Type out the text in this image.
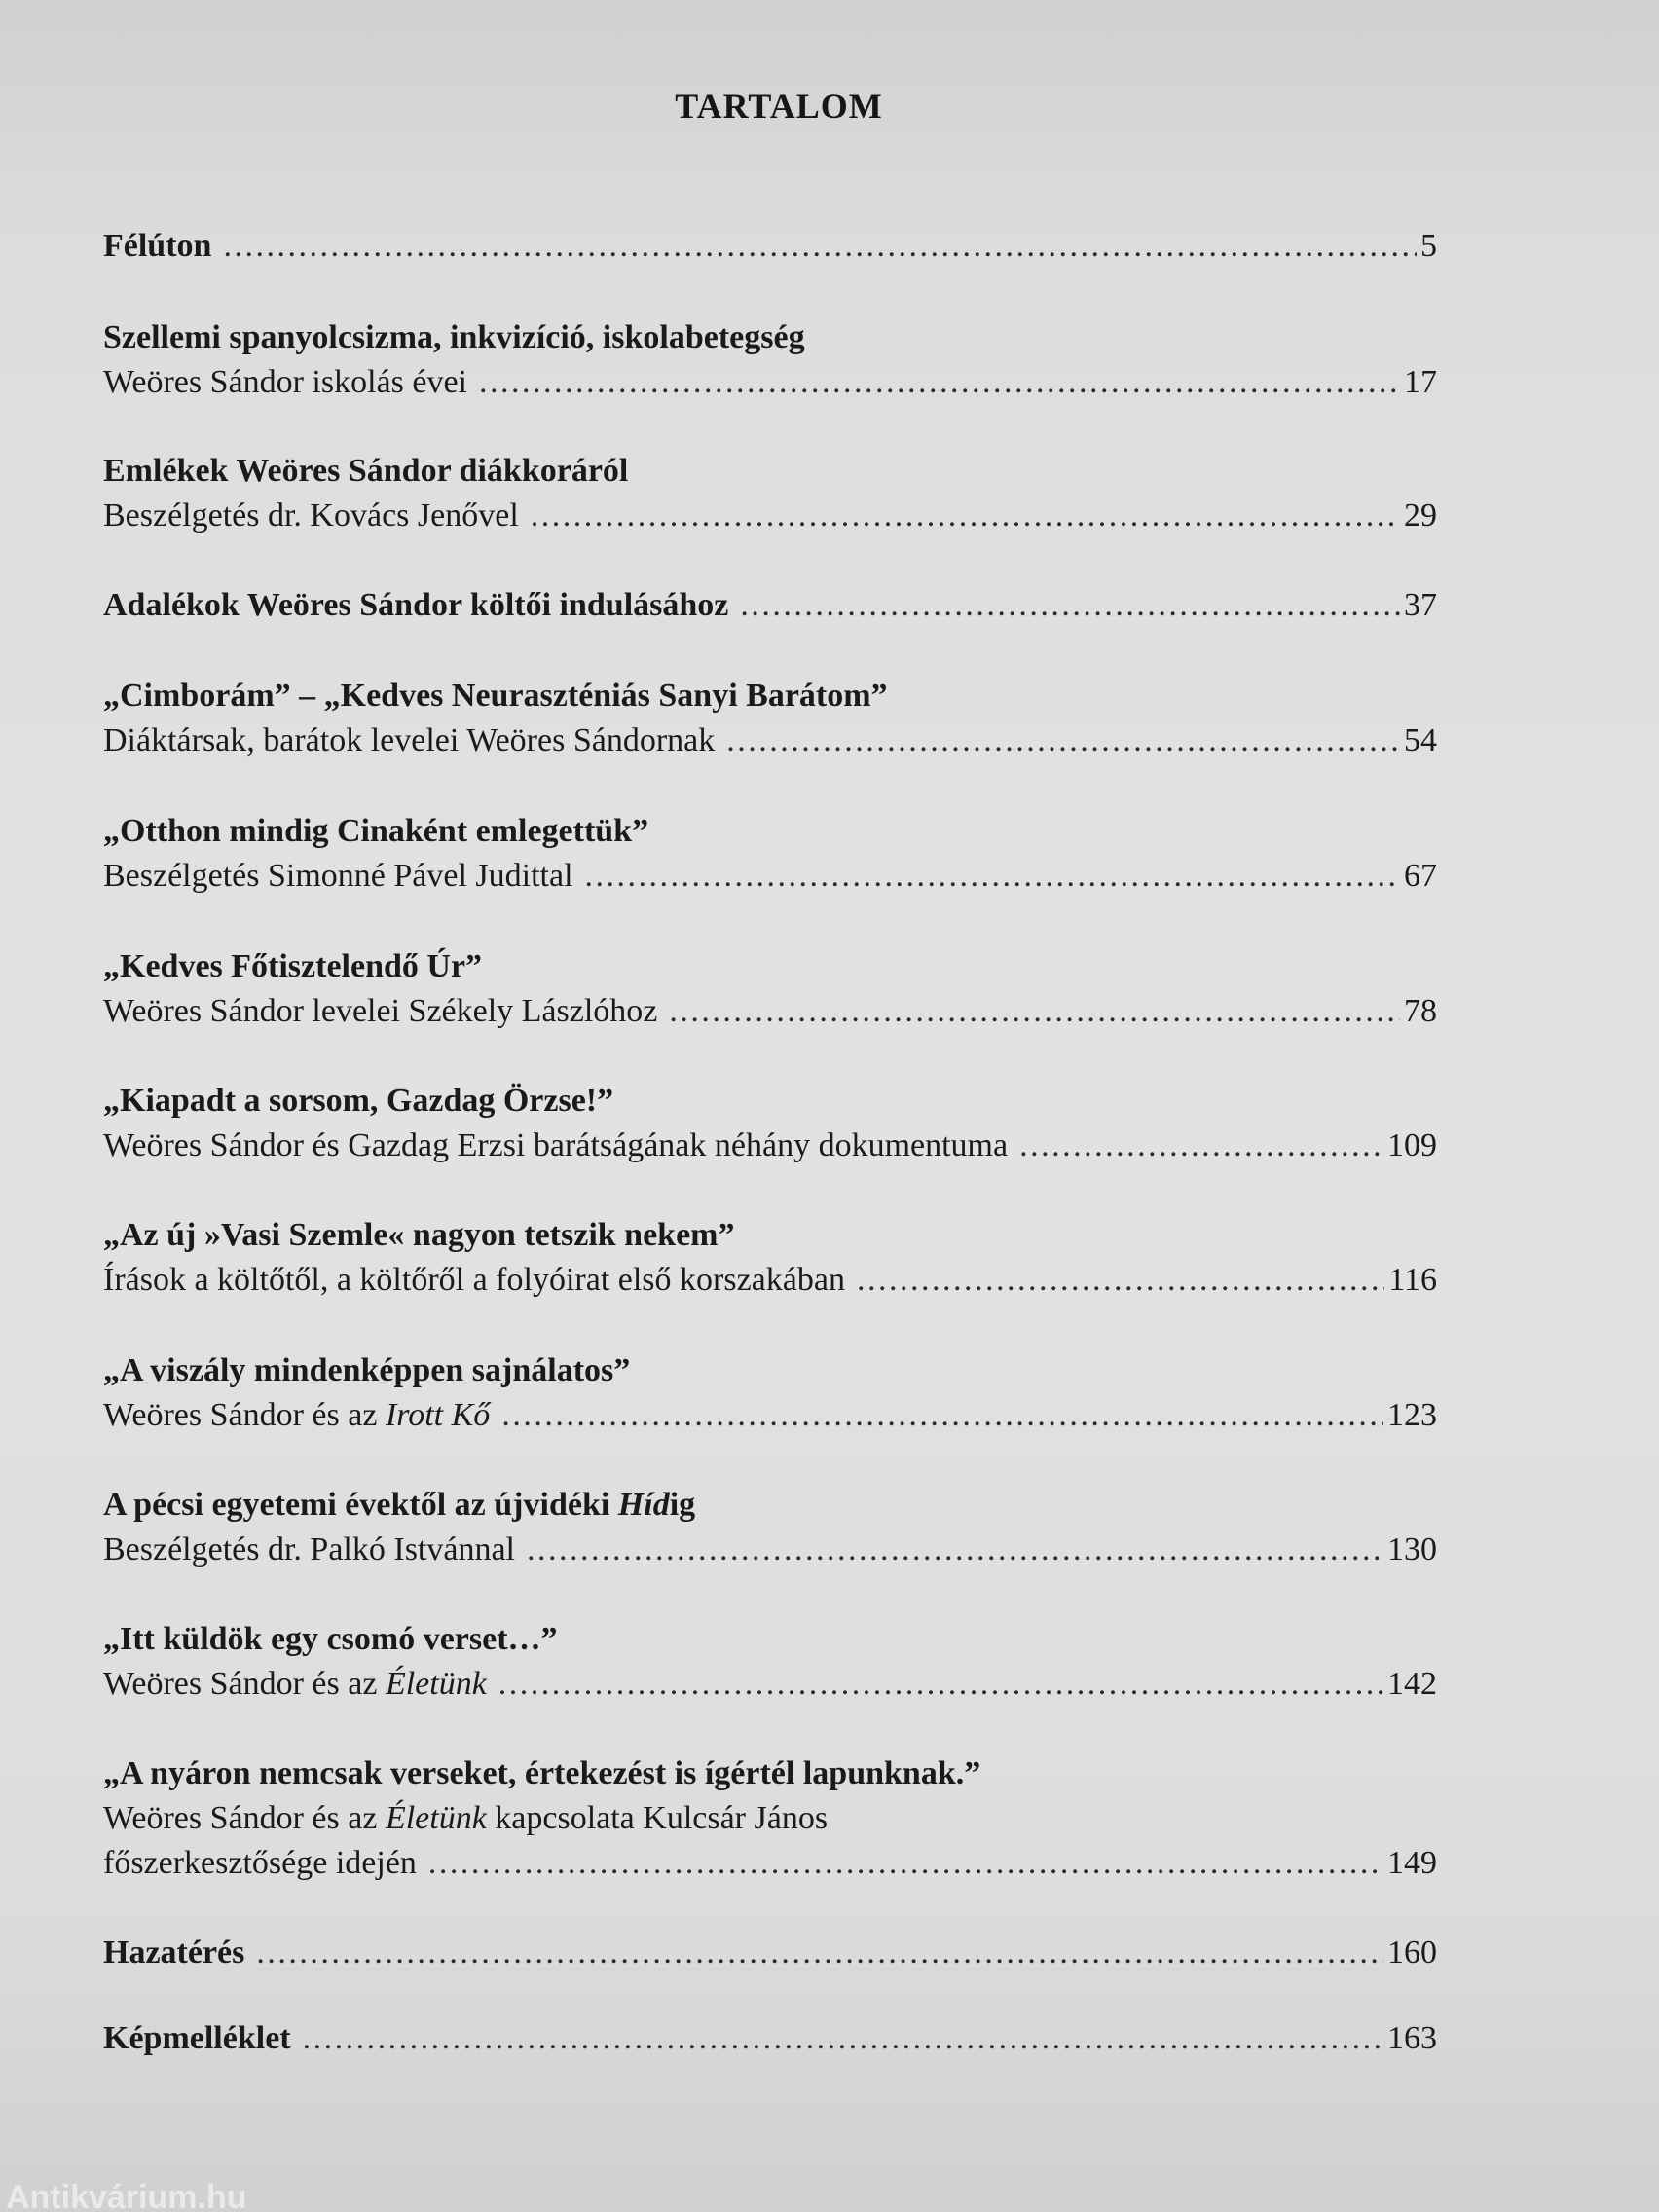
TARTALOM
Félúton . . .	5
Szellemi spanyolcsizma, inkvizíció, iskolabetegség
Weöres Sándor iskolás évei . . .	17
Emlékek Weöres Sándor diákkoráról
Beszélgetés dr. Kovács Jenővel . . .	29
Adalékok Weöres Sándor költői indulásához . . .	37
„Cimborám” – „Kedves Neuraszténiás Sanyi Barátom”
Diáktársak, barátok levelei Weöres Sándornak . . .	54
„Otthon mindig Cinaként emlegettük”
Beszélgetés Simonné Pável Judittal . . .	67
„Kedves Főtisztelendő Úr”
Weöres Sándor levelei Székely Lászlóhoz . . .	78
„Kiapadt a sorsom, Gazdag Örzse!”
Weöres Sándor és Gazdag Erzsi barátságának néhány dokumentuma . . .	109
„Az új »Vasi Szemle« nagyon tetszik nekem”
Írások a költőtől, a költőről a folyóirat első korszakában . . .	116
„A viszály mindenképpen sajnálatos”
Weöres Sándor és az Irott Kő . . .	123
A pécsi egyetemi évektől az újvidéki Hídig
Beszélgetés dr. Palkó Istvánnal . . .	130
„Itt küldök egy csomó verset…”
Weöres Sándor és az Életünk . . .	142
„A nyáron nemcsak verseket, értekezést is ígértél lapunknak.”
Weöres Sándor és az Életünk kapcsolata Kulcsár János
főszerkesztősége idején . . .	149
Hazatérés . . .	160
Képmelléklet . . .	163
Antikvárium.hu
